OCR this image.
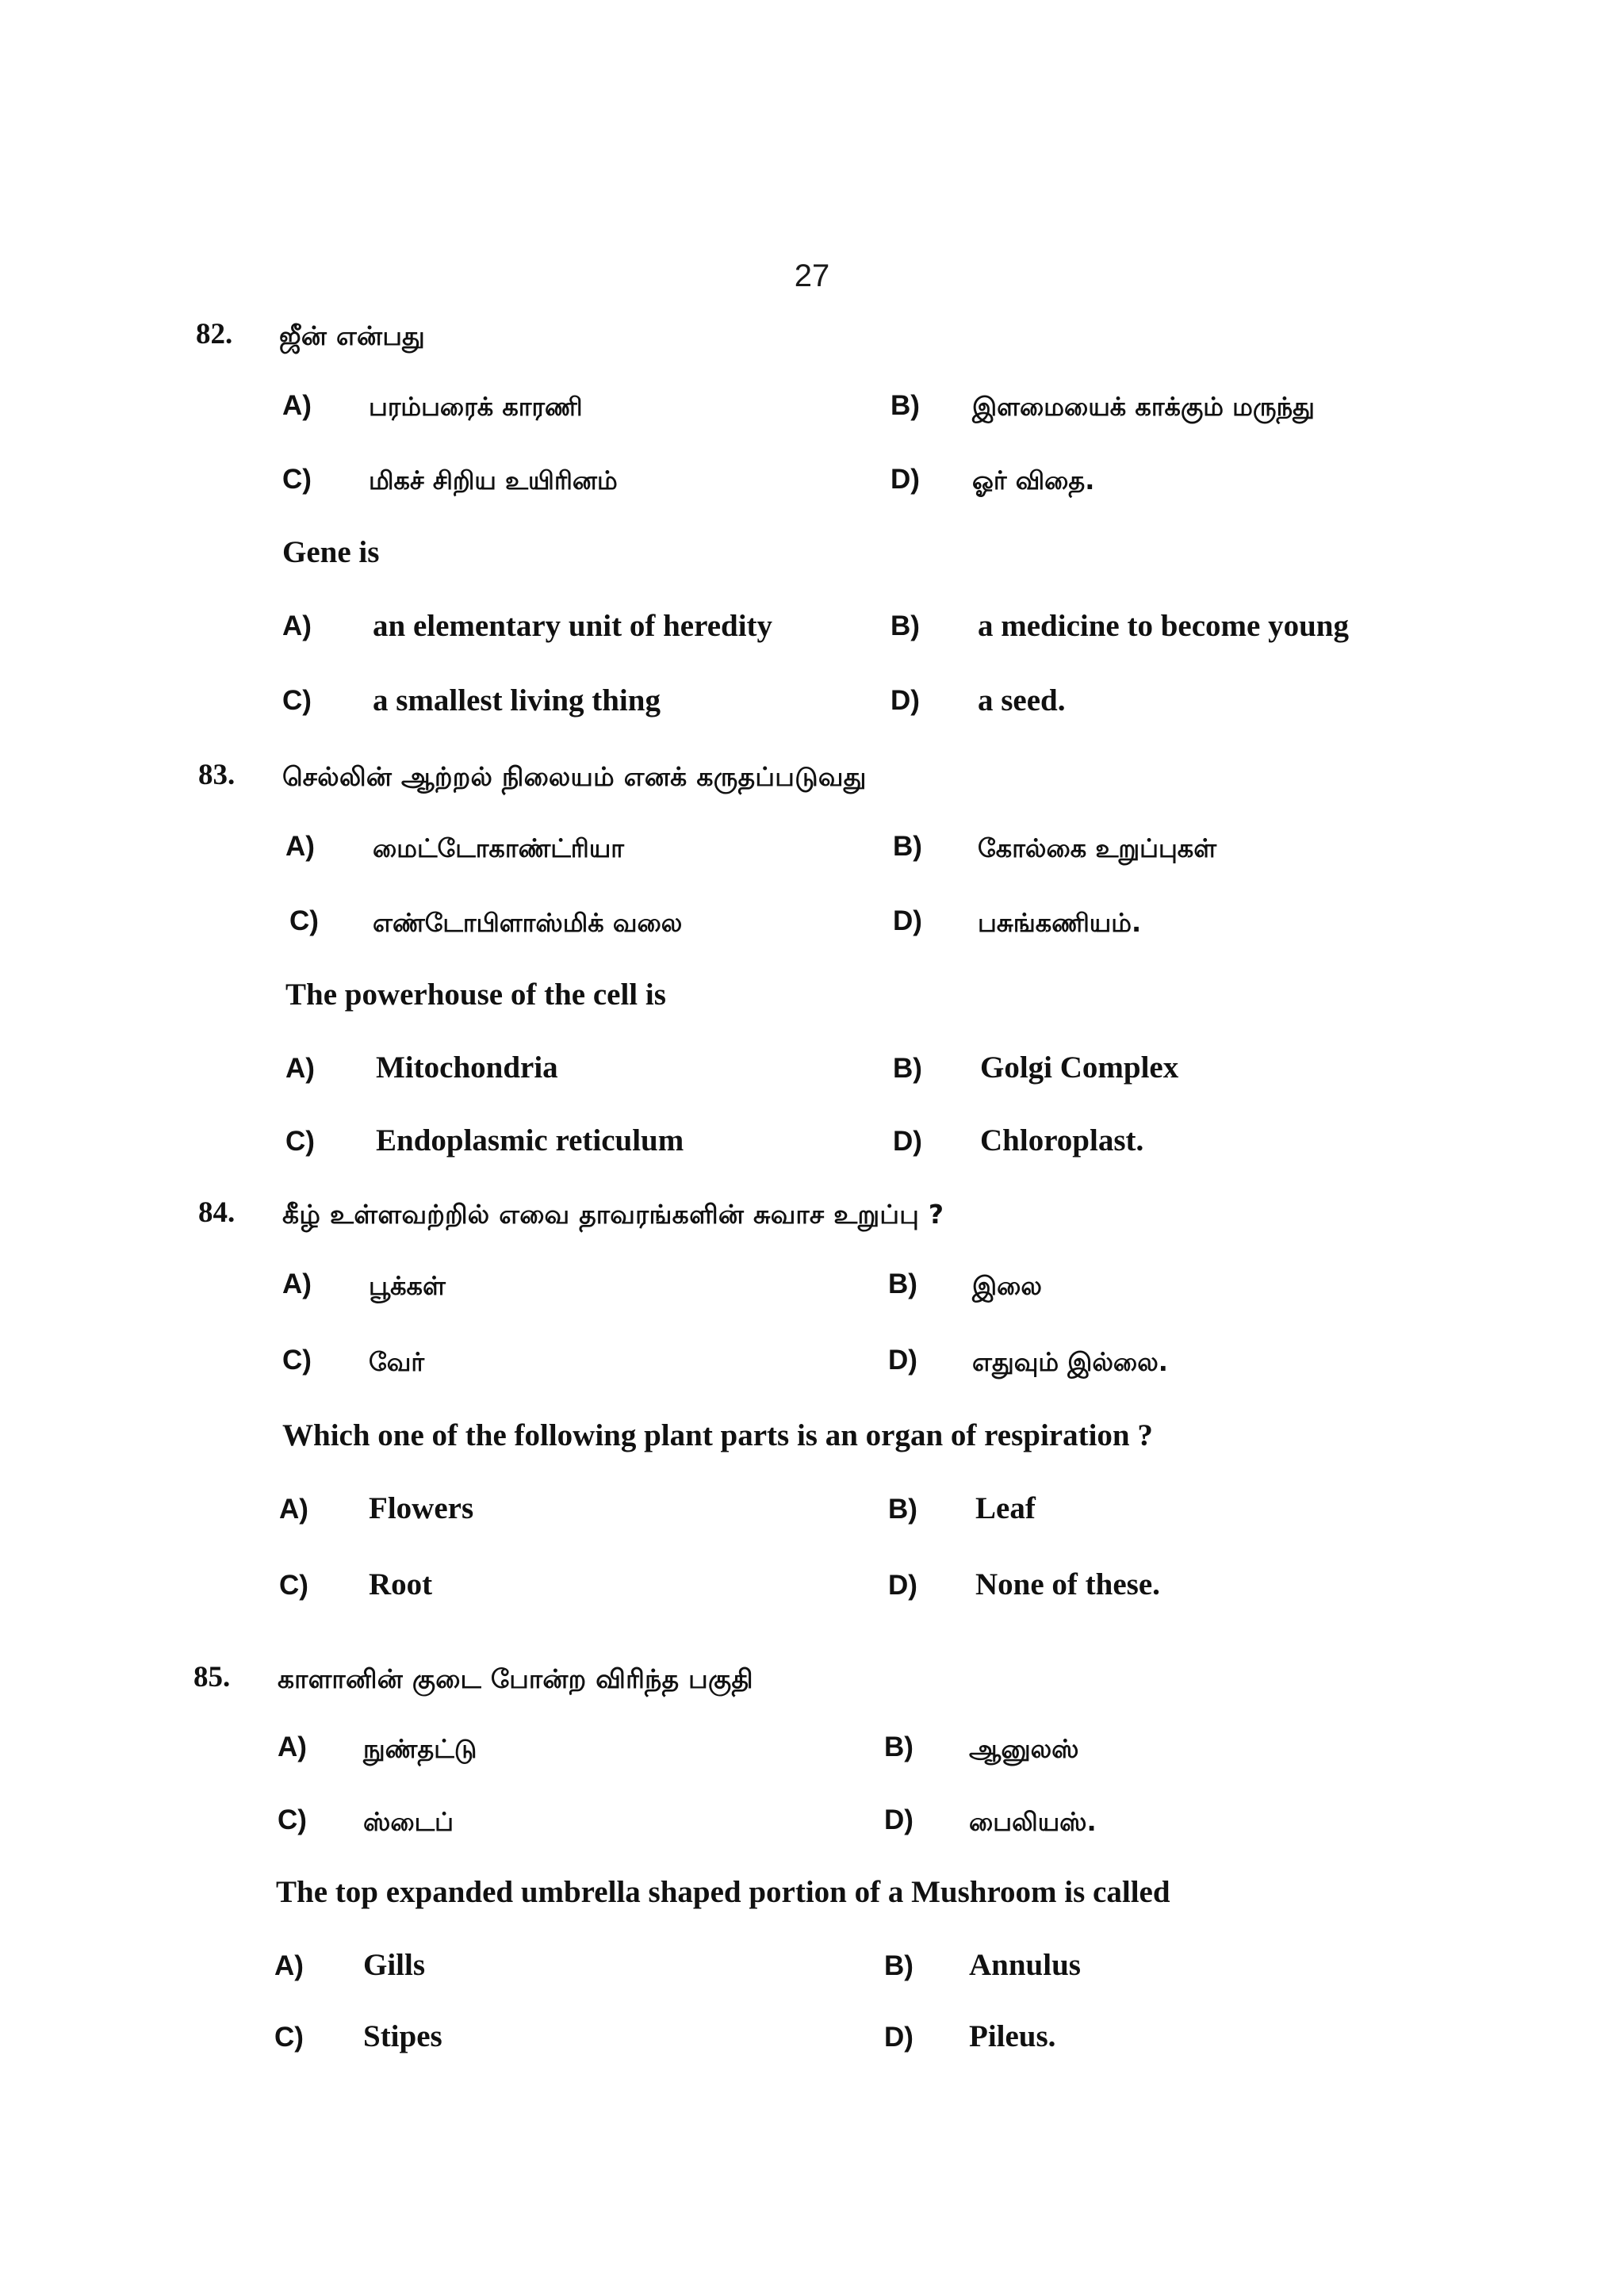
27
82. ஜீன் என்பது
A) பரம்பரைக் காரணி	B) இளமையைக் காக்கும் மருந்து
C) மிகச் சிறிய உயிரினம்	D) ஓர் விதை.
Gene is
A) an elementary unit of heredity	B) a medicine to become young
C) a smallest living thing	D) a seed.
83. செல்லின் ஆற்றல் நிலையம் எனக் கருதப்படுவது
A) மைட்டோகாண்ட்ரியா	B) கோல்கை உறுப்புகள்
C) எண்டோபிளாஸ்மிக் வலை	D) பசுங்கணியம்.
The powerhouse of the cell is
A) Mitochondria	B) Golgi Complex
C) Endoplasmic reticulum	D) Chloroplast.
84. கீழ் உள்ளவற்றில் எவை தாவரங்களின் சுவாச உறுப்பு ?
A) பூக்கள்	B) இலை
C) வேர்	D) எதுவும் இல்லை.
Which one of the following plant parts is an organ of respiration ?
A) Flowers	B) Leaf
C) Root	D) None of these.
85. காளானின் குடை போன்ற விரிந்த பகுதி
A) நுண்தட்டு	B) ஆனுலஸ்
C) ஸ்டைப்	D) பைலியஸ்.
The top expanded umbrella shaped portion of a Mushroom is called
A) Gills	B) Annulus
C) Stipes	D) Pileus.
